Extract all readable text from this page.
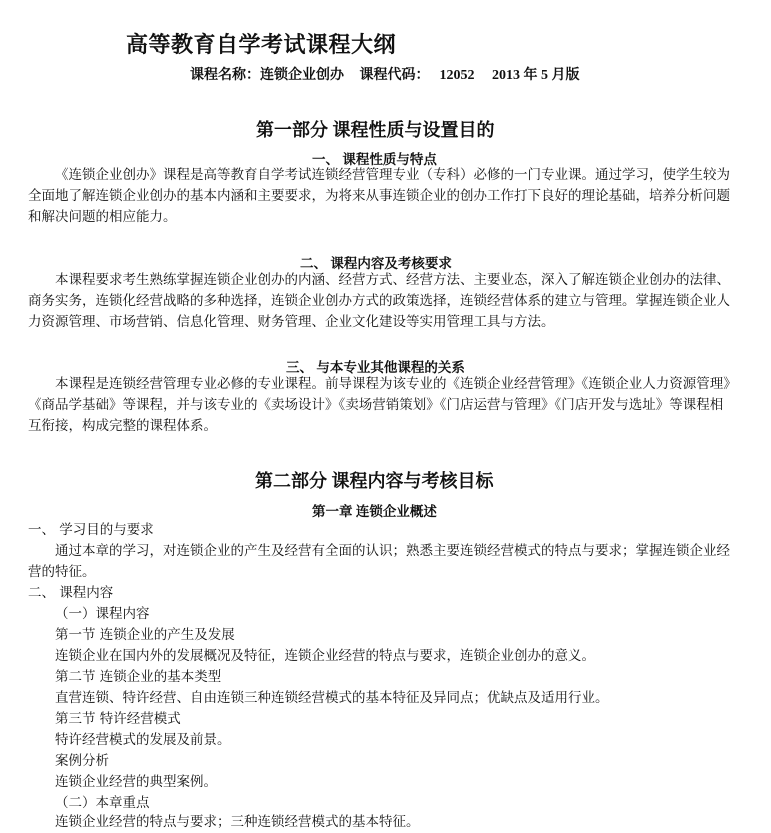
高等教育自学考试课程大纲
课程名称：连锁企业创办 课程代码： 12052 2013 年 5 月版
第一部分 课程性质与设置目的
一、 课程性质与特点
《连锁企业创办》课程是高等教育自学考试连锁经营管理专业（专科）必修的一门专业课。通过学习，使学生较为全面地了解连锁企业创办的基本内涵和主要要求，为将来从事连锁企业的创办工作打下良好的理论基础，培养分析问题和解决问题的相应能力。
二、 课程内容及考核要求
本课程要求考生熟练掌握连锁企业创办的内涵、经营方式、经营方法、主要业态，深入了解连锁企业创办的法律、商务实务，连锁化经营战略的多种选择，连锁企业创办方式的政策选择，连锁经营体系的建立与管理。掌握连锁企业人力资源管理、市场营销、信息化管理、财务管理、企业文化建设等实用管理工具与方法。
三、 与本专业其他课程的关系
本课程是连锁经营管理专业必修的专业课程。前导课程为该专业的《连锁企业经营管理》《连锁企业人力资源管理》《商品学基础》等课程，并与该专业的《卖场设计》《卖场营销策划》《门店运营与管理》《门店开发与选址》等课程相互衔接，构成完整的课程体系。
第二部分 课程内容与考核目标
第一章 连锁企业概述
一、 学习目的与要求
通过本章的学习，对连锁企业的产生及经营有全面的认识；熟悉主要连锁经营模式的特点与要求；掌握连锁企业经营的特征。
二、 课程内容
（一）课程内容
第一节 连锁企业的产生及发展
连锁企业在国内外的发展概况及特征，连锁企业经营的特点与要求，连锁企业创办的意义。
第二节 连锁企业的基本类型
直营连锁、特许经营、自由连锁三种连锁经营模式的基本特征及异同点；优缺点及适用行业。
第三节 特许经营模式
特许经营模式的发展及前景。
案例分析
连锁企业经营的典型案例。
（二）本章重点
连锁企业经营的特点与要求；三种连锁经营模式的基本特征。
